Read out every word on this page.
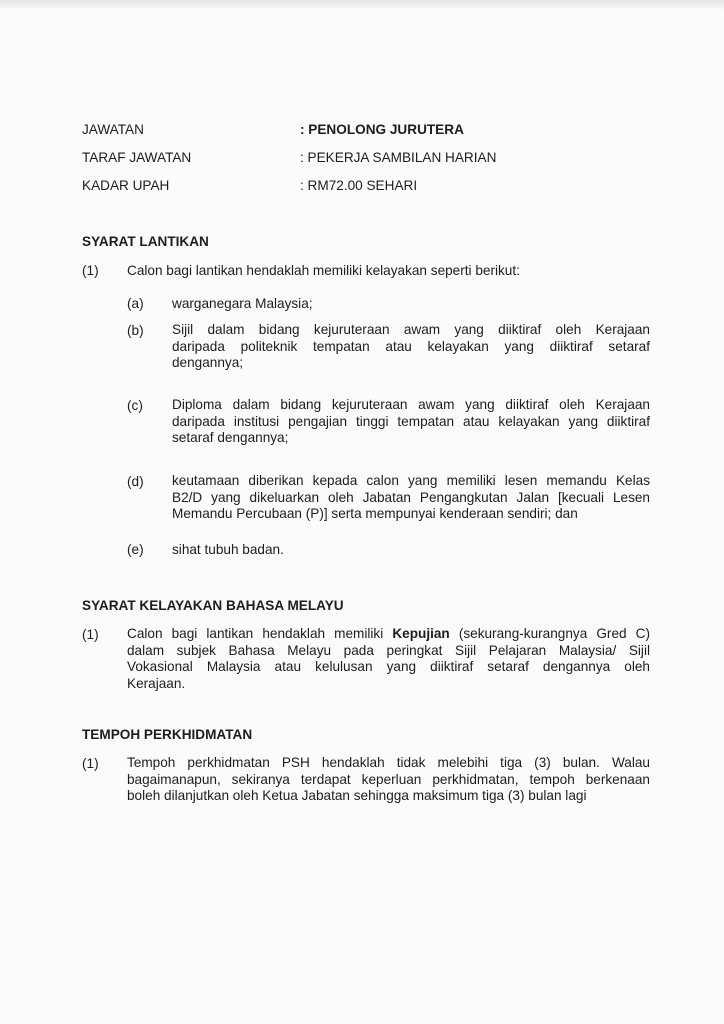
JAWATAN	: PENOLONG JURUTERA
TARAF JAWATAN	: PEKERJA SAMBILAN HARIAN
KADAR UPAH	: RM72.00 SEHARI
SYARAT LANTIKAN
(1) Calon bagi lantikan hendaklah memiliki kelayakan seperti berikut:
(a) warganegara Malaysia;
(b) Sijil dalam bidang kejuruteraan awam yang diiktiraf oleh Kerajaan
daripada politeknik tempatan atau kelayakan yang diiktiraf setaraf
dengannya;
(c) Diploma dalam bidang kejuruteraan awam yang diiktiraf oleh Kerajaan
daripada institusi pengajian tinggi tempatan atau kelayakan yang diiktiraf
setaraf dengannya;
(d) keutamaan diberikan kepada calon yang memiliki lesen memandu Kelas
B2/D yang dikeluarkan oleh Jabatan Pengangkutan Jalan [kecuali Lesen
Memandu Percubaan (P)] serta mempunyai kenderaan sendiri; dan
(e) sihat tubuh badan.
SYARAT KELAYAKAN BAHASA MELAYU
(1) Calon bagi lantikan hendaklah memiliki Kepujian (sekurang-kurangnya Gred C)
dalam subjek Bahasa Melayu pada peringkat Sijil Pelajaran Malaysia/ Sijil
Vokasional Malaysia atau kelulusan yang diiktiraf setaraf dengannya oleh
Kerajaan.
TEMPOH PERKHIDMATAN
(1) Tempoh perkhidmatan PSH hendaklah tidak melebihi tiga (3) bulan. Walau
bagaimanapun, sekiranya terdapat keperluan perkhidmatan, tempoh berkenaan
boleh dilanjutkan oleh Ketua Jabatan sehingga maksimum tiga (3) bulan lagi
